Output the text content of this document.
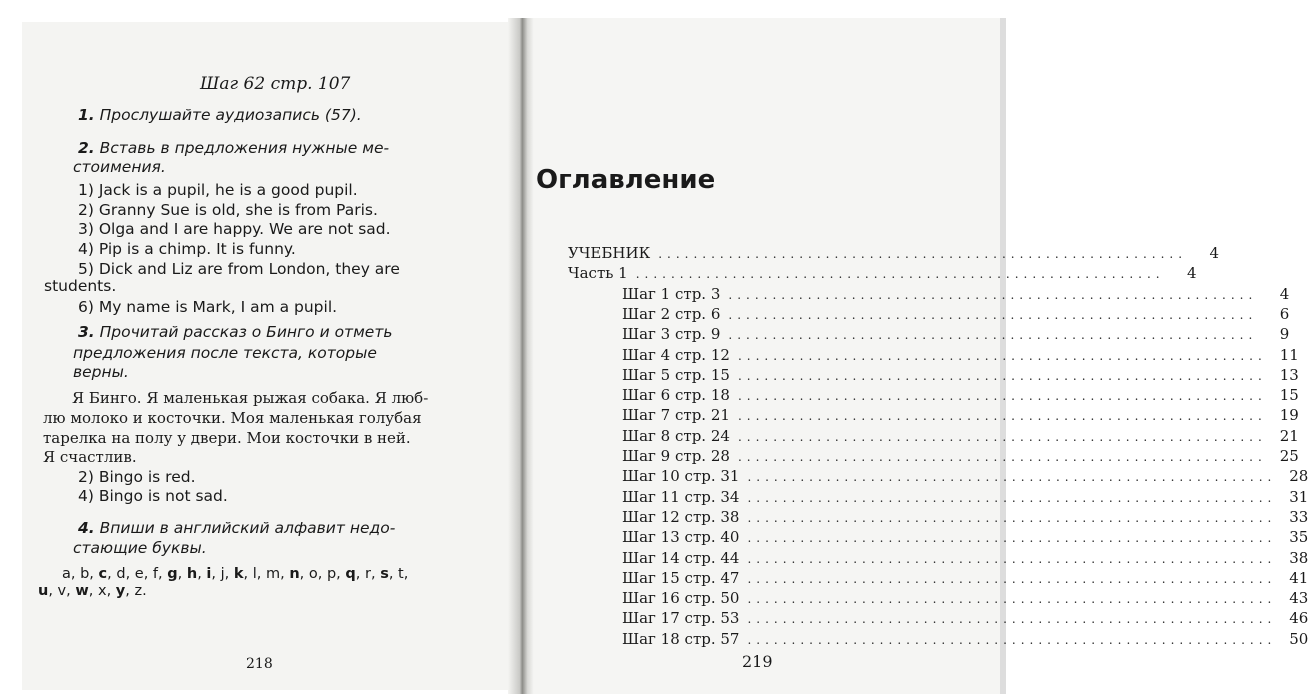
Шаг 62 стр. 107
1. Прослушайте аудиозапись (57).
2. Вставь в предложения нужные ме-
стоимения.
1) Jack is a pupil, he is a good pupil.
2) Granny Sue is old, she is from Paris.
3) Olga and I are happy. We are not sad.
4) Pip is a chimp. It is funny.
5) Dick and Liz are from London, they are
students.
6) My name is Mark, I am a pupil.
3. Прочитай рассказ о Бинго и отметь
предложения после текста, которые
верны.
Я Бинго. Я маленькая рыжая собака. Я люб-
лю молоко и косточки. Моя маленькая голубая
тарелка на полу у двери. Мои косточки в ней.
Я счастлив.
2) Bingo is red.
4) Bingo is not sad.
4. Впиши в английский алфавит недо-
стающие буквы.
a, b, c, d, e, f, g, h, i, j, k, l, m, n, o, p, q, r, s, t,
u, v, w, x, y, z.
218
Оглавление
УЧЕБНИК ............................................................	4
Часть 1 ............................................................	4
Шаг 1 стр. 3 ............................................................	4
Шаг 2 стр. 6 ............................................................	6
Шаг 3 стр. 9 ............................................................	9
Шаг 4 стр. 12 ............................................................ 11
Шаг 5 стр. 15 ............................................................ 13
Шаг 6 стр. 18 ............................................................ 15
Шаг 7 стр. 21 ............................................................ 19
Шаг 8 стр. 24 ............................................................ 21
Шаг 9 стр. 28 ............................................................ 25
Шаг 10 стр. 31 ............................................................ 28
Шаг 11 стр. 34 ............................................................ 31
Шаг 12 стр. 38 ............................................................ 33
Шаг 13 стр. 40 ............................................................ 35
Шаг 14 стр. 44 ............................................................ 38
Шаг 15 стр. 47 ............................................................ 41
Шаг 16 стр. 50 ............................................................ 43
Шаг 17 стр. 53 ............................................................ 46
Шаг 18 стр. 57 ............................................................ 50
219
